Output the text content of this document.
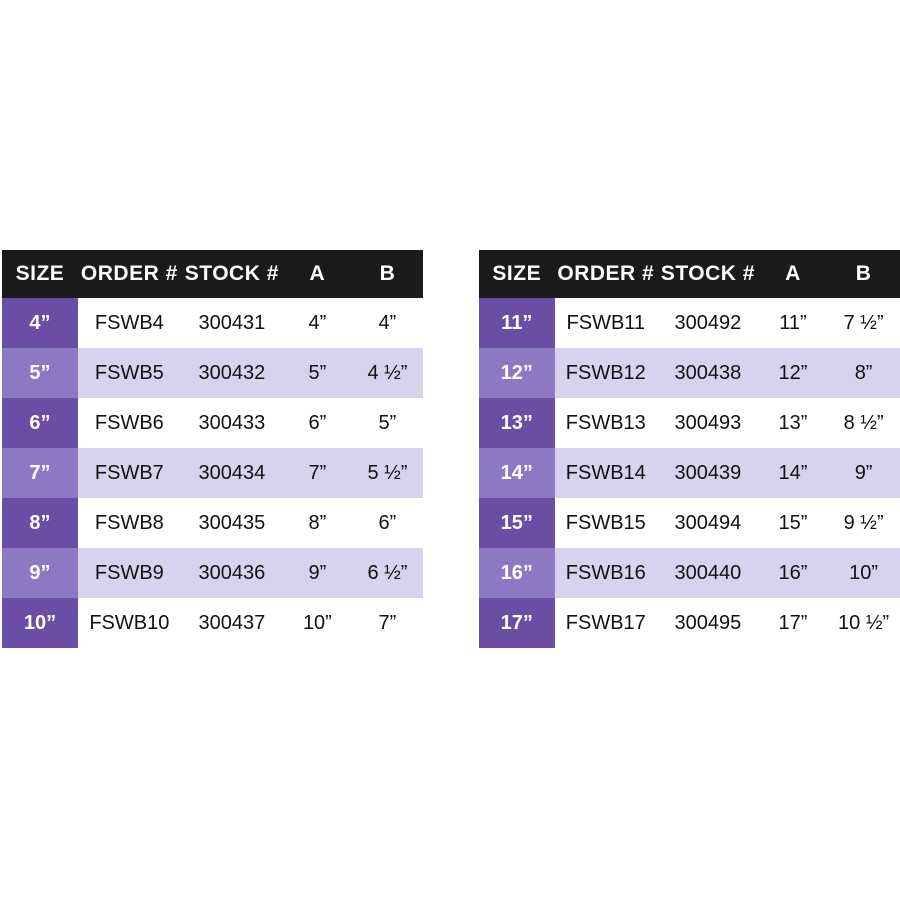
SIZE	ORDER #	STOCK #	A	B
4”	FSWB4	300431	4”	4”
5”	FSWB5	300432	5”	4 ½”
6”	FSWB6	300433	6”	5”
7”	FSWB7	300434	7”	5 ½”
8”	FSWB8	300435	8”	6”
9”	FSWB9	300436	9”	6 ½”
10”	FSWB10	300437	10”	7”
SIZE	ORDER #	STOCK #	A	B
11”	FSWB11	300492	11”	7 ½”
12”	FSWB12	300438	12”	8”
13”	FSWB13	300493	13”	8 ½”
14”	FSWB14	300439	14”	9”
15”	FSWB15	300494	15”	9 ½”
16”	FSWB16	300440	16”	10”
17”	FSWB17	300495	17”	10 ½”
